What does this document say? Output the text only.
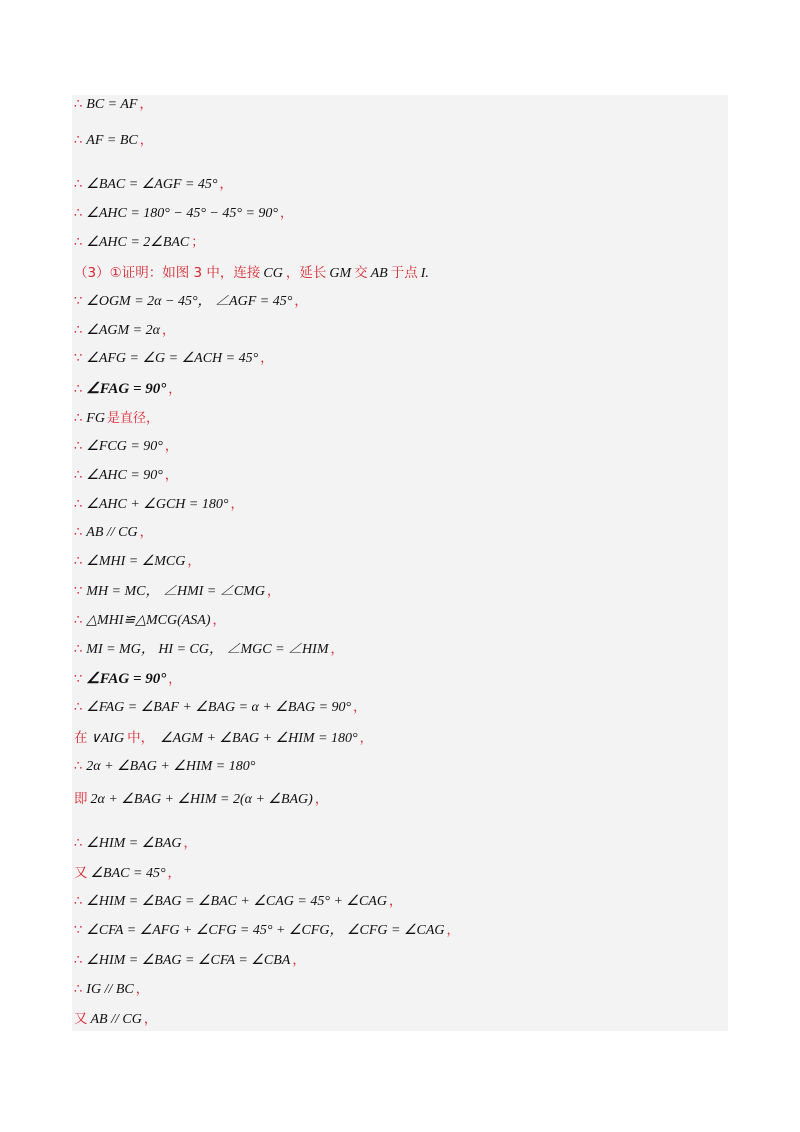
∴ BC = AF ，
∴ AF = BC ，
∴ ∠BAC = ∠AGF = 45° ，
∴ ∠AHC = 180° − 45° − 45° = 90° ，
∴ ∠AHC = 2∠BAC ；
（3）①证明：如图 3 中，连接 CG ，延长 GM 交 AB 于点 I.
∵ ∠OGM = 2α − 45°， ∠AGF = 45° ，
∴ ∠AGM = 2α ，
∵ ∠AFG = ∠G = ∠ACH = 45° ，
∴ ∠FAG = 90° ，
∴ FG 是直径，
∴ ∠FCG = 90° ，
∴ ∠AHC = 90° ，
∴ ∠AHC + ∠GCH = 180° ，
∴ AB // CG ，
∴ ∠MHI = ∠MCG ，
∵ MH = MC， ∠HMI = ∠CMG ，
∴ △MHI≌△MCG(ASA) ，
∴ MI = MG， HI = CG， ∠MGC = ∠HIM ，
∵ ∠FAG = 90° ，
∴ ∠FAG = ∠BAF + ∠BAG = α + ∠BAG = 90° ，
在 ∨AIG 中， ∠AGM + ∠BAG + ∠HIM = 180° ，
∴ 2α + ∠BAG + ∠HIM = 180°
即 2α + ∠BAG + ∠HIM = 2(α + ∠BAG) ，
∴ ∠HIM = ∠BAG ，
又 ∠BAC = 45° ，
∴ ∠HIM = ∠BAG = ∠BAC + ∠CAG = 45° + ∠CAG ，
∵ ∠CFA = ∠AFG + ∠CFG = 45° + ∠CFG， ∠CFG = ∠CAG ，
∴ ∠HIM = ∠BAG = ∠CFA = ∠CBA ，
∴ IG // BC ，
又 AB // CG ，
